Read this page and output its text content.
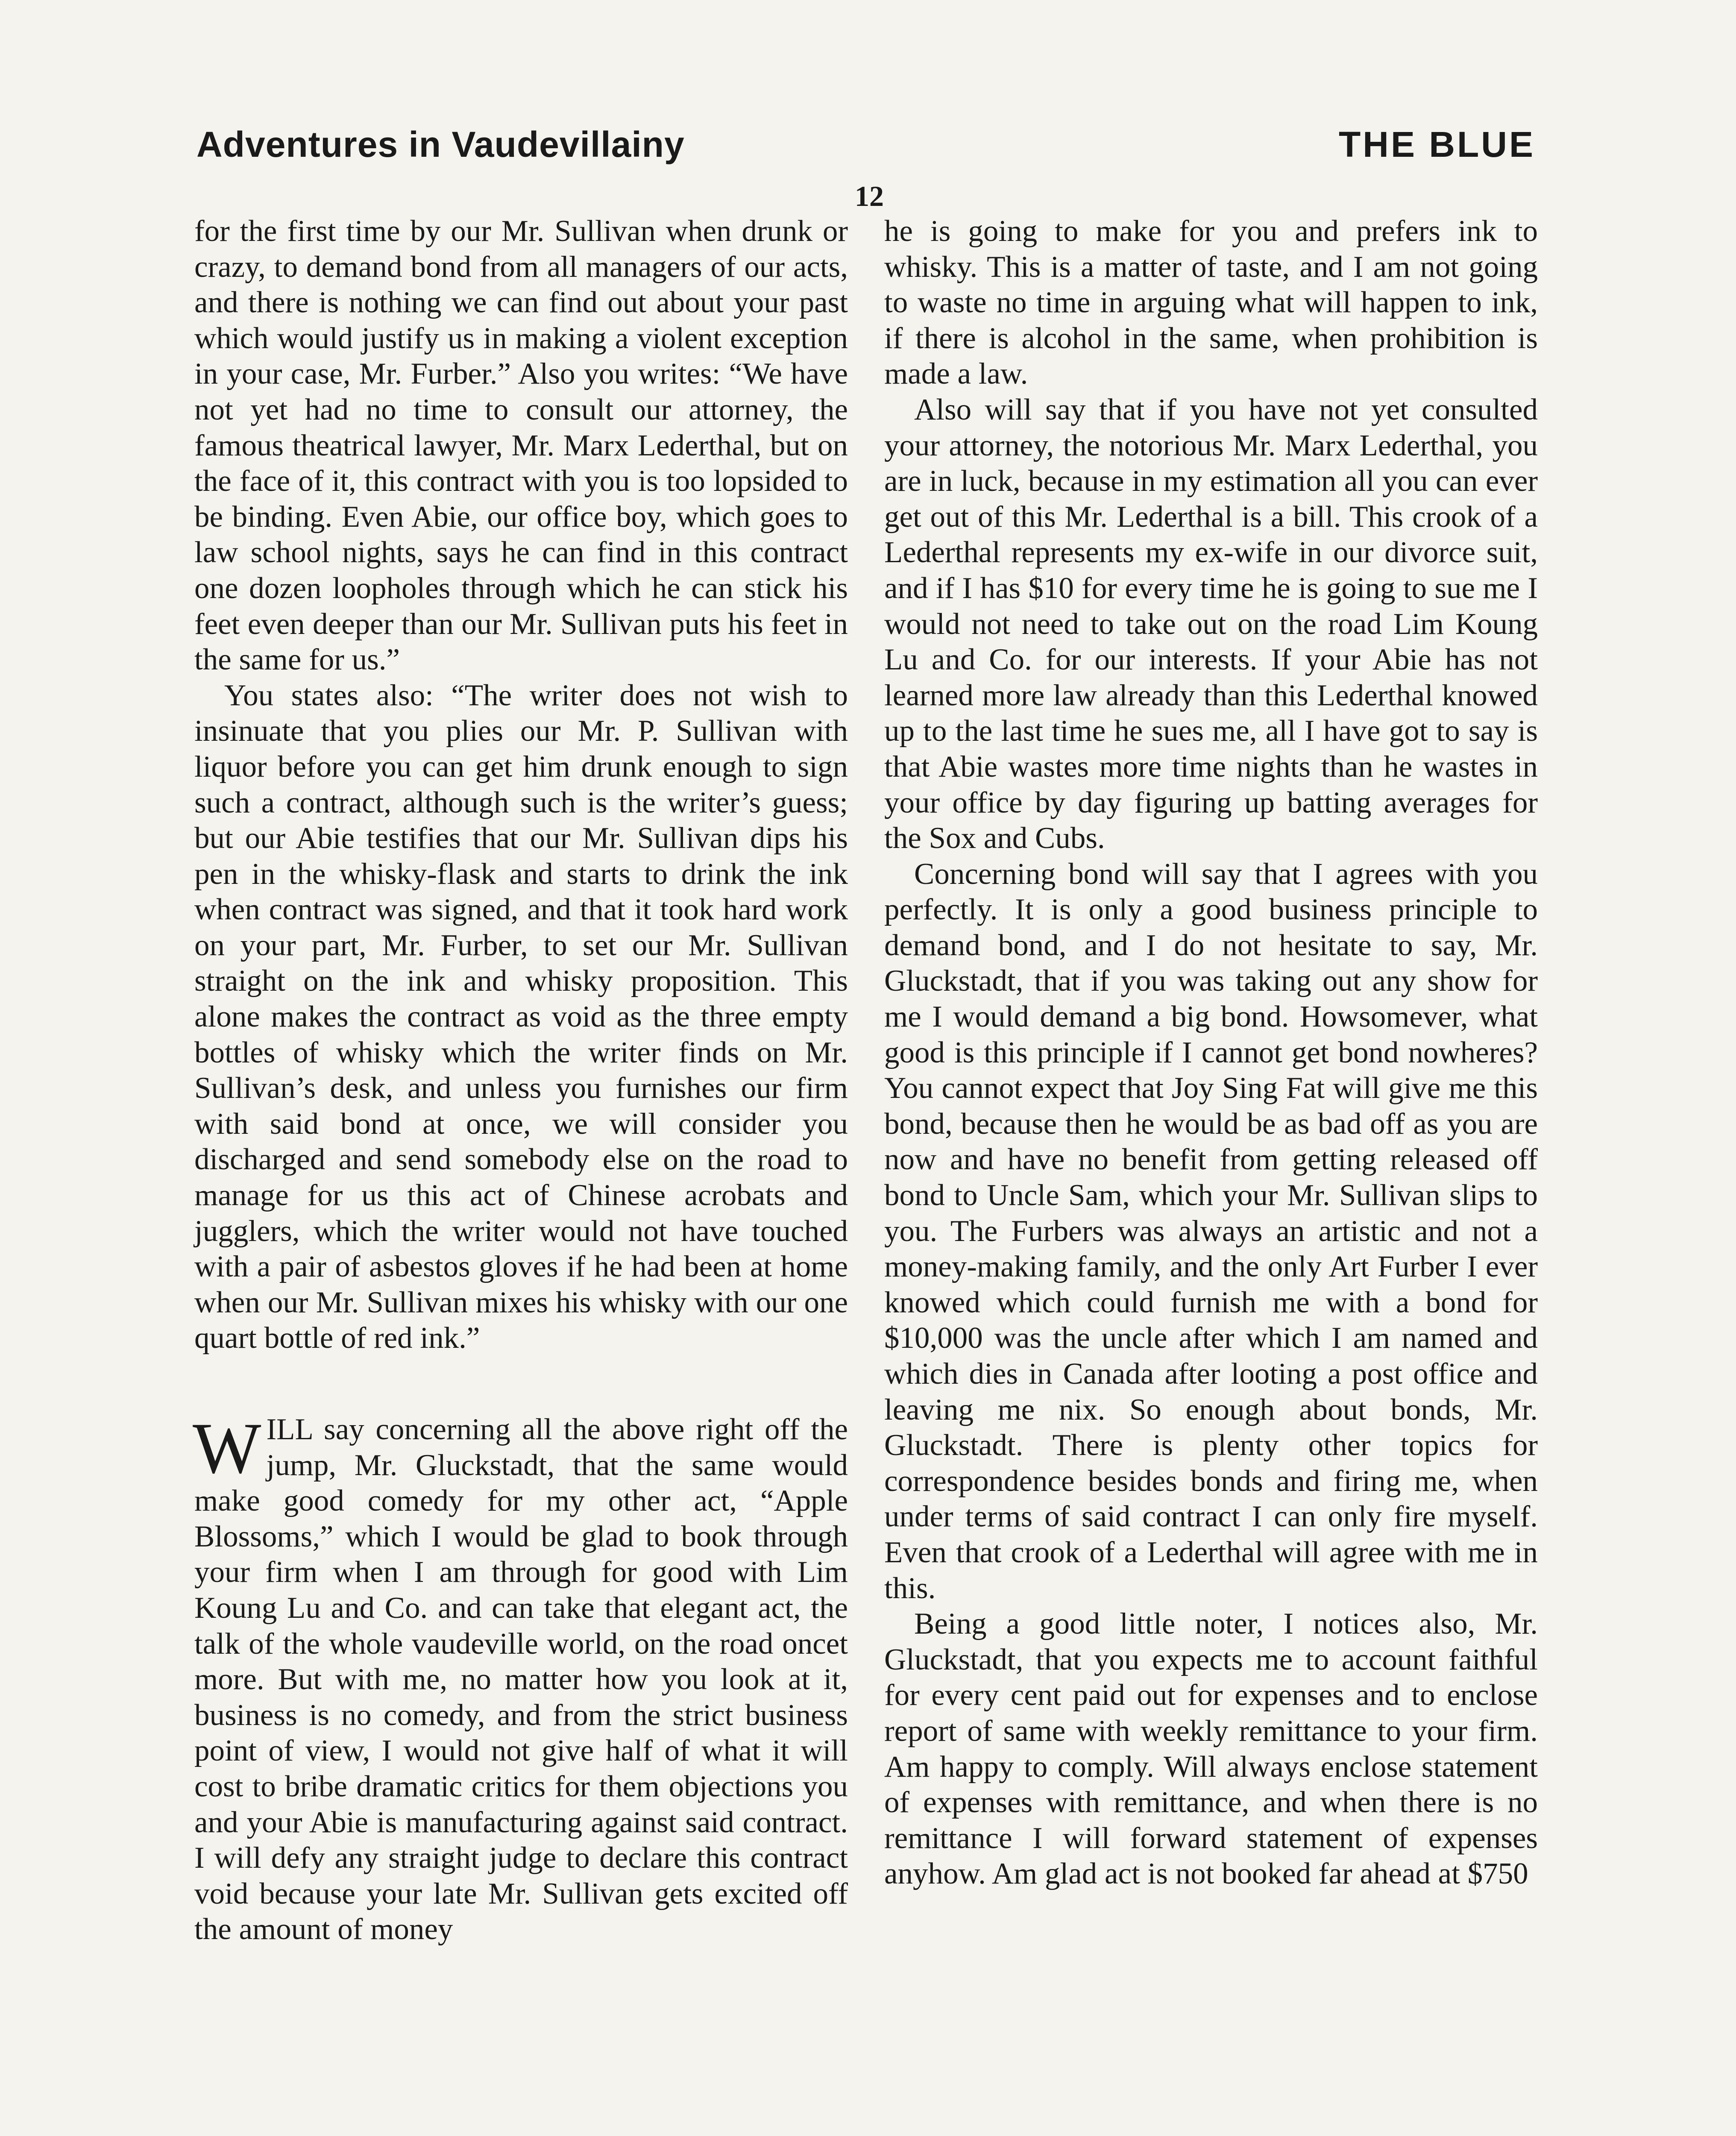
Adventures in Vaudevillainy	THE BLUE
12

for the first time by our Mr. Sullivan when drunk or crazy, to demand bond from all managers of our acts, and there is nothing we can find out about your past which would justify us in making a violent exception in your case, Mr. Furber.” Also you writes: “We have not yet had no time to consult our attorney, the famous theatrical lawyer, Mr. Marx Lederthal, but on the face of it, this contract with you is too lopsided to be binding. Even Abie, our office boy, which goes to law school nights, says he can find in this contract one dozen loopholes through which he can stick his feet even deeper than our Mr. Sullivan puts his feet in the same for us.”

You states also: “The writer does not wish to insinuate that you plies our Mr. P. Sullivan with liquor before you can get him drunk enough to sign such a contract, although such is the writer’s guess; but our Abie testifies that our Mr. Sullivan dips his pen in the whisky-flask and starts to drink the ink when contract was signed, and that it took hard work on your part, Mr. Furber, to set our Mr. Sullivan straight on the ink and whisky proposition. This alone makes the contract as void as the three empty bottles of whisky which the writer finds on Mr. Sullivan’s desk, and unless you furnishes our firm with said bond at once, we will consider you discharged and send somebody else on the road to manage for us this act of Chinese acrobats and jugglers, which the writer would not have touched with a pair of asbestos gloves if he had been at home when our Mr. Sullivan mixes his whisky with our one quart bottle of red ink.”

WILL say concerning all the above right off the jump, Mr. Gluckstadt, that the same would make good comedy for my other act, “Apple Blossoms,” which I would be glad to book through your firm when I am through for good with Lim Koung Lu and Co. and can take that elegant act, the talk of the whole vaudeville world, on the road oncet more. But with me, no matter how you look at it, business is no comedy, and from the strict business point of view, I would not give half of what it will cost to bribe dramatic critics for them objections you and your Abie is manufacturing against said contract. I will defy any straight judge to declare this contract void because your late Mr. Sullivan gets excited off the amount of money

he is going to make for you and prefers ink to whisky. This is a matter of taste, and I am not going to waste no time in arguing what will happen to ink, if there is alcohol in the same, when prohibition is made a law.

Also will say that if you have not yet consulted your attorney, the notorious Mr. Marx Lederthal, you are in luck, because in my estimation all you can ever get out of this Mr. Lederthal is a bill. This crook of a Lederthal represents my ex-wife in our divorce suit, and if I has $10 for every time he is going to sue me I would not need to take out on the road Lim Koung Lu and Co. for our interests. If your Abie has not learned more law already than this Lederthal knowed up to the last time he sues me, all I have got to say is that Abie wastes more time nights than he wastes in your office by day figuring up batting averages for the Sox and Cubs.

Concerning bond will say that I agrees with you perfectly. It is only a good business principle to demand bond, and I do not hesitate to say, Mr. Gluckstadt, that if you was taking out any show for me I would demand a big bond. Howsomever, what good is this principle if I cannot get bond nowheres? You cannot expect that Joy Sing Fat will give me this bond, because then he would be as bad off as you are now and have no benefit from getting released off bond to Uncle Sam, which your Mr. Sullivan slips to you. The Furbers was always an artistic and not a money-making family, and the only Art Furber I ever knowed which could furnish me with a bond for $10,000 was the uncle after which I am named and which dies in Canada after looting a post office and leaving me nix. So enough about bonds, Mr. Gluckstadt. There is plenty other topics for correspondence besides bonds and firing me, when under terms of said contract I can only fire myself. Even that crook of a Lederthal will agree with me in this.

Being a good little noter, I notices also, Mr. Gluckstadt, that you expects me to account faithful for every cent paid out for expenses and to enclose report of same with weekly remittance to your firm. Am happy to comply. Will always enclose statement of expenses with remittance, and when there is no remittance I will forward statement of expenses anyhow. Am glad act is not booked far ahead at $750
